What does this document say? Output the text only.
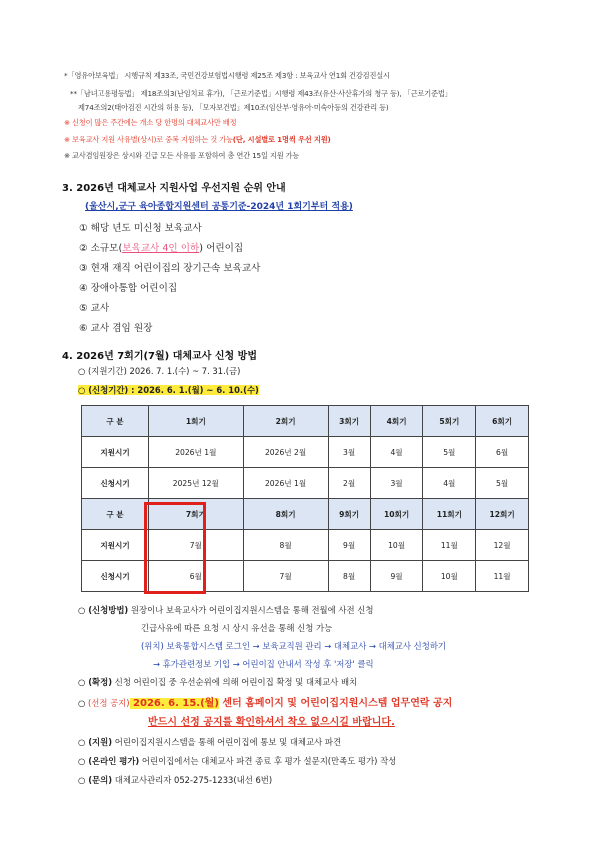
*「영유아보육법」 시행규칙 제33조, 국민건강보험법시행령 제25조 제3항 : 보육교사 연1회 건강검진실시
**「남녀고용평등법」 제18조의3(난임치료 휴가), 「근로기준법」시행령 제43조(유산·사산휴가의 청구 등), 「근로기준법」
제74조의2(태아검진 시간의 허용 등), 「모자보건법」제10조(임산부·영유아·미숙아등의 건강관리 등)
※ 신청이 많은 주간에는 개소 당 한명의 대체교사만 배정
※ 보육교사 지원 사유별(상시)로 중복 지원하는 것 가능(단, 시설별로 1명씩 우선 지원)
※ 교사겸임원장은 상시와 긴급 모든 사유를 포함하여 총 연간 15일 지원 가능
3. 2026년 대체교사 지원사업 우선지원 순위 안내
(울산시,군구 육아종합지원센터 공통기준-2024년 1회기부터 적용)
① 해당 년도 미신청 보육교사
② 소규모(보육교사 4인 이하) 어린이집
③ 현재 재직 어린이집의 장기근속 보육교사
④ 장애아통합 어린이집
⑤ 교사
⑥ 교사 겸임 원장
4. 2026년 7회기(7월) 대체교사 신청 방법
○ (지원기간) 2026. 7. 1.(수) ~ 7. 31.(금)
○ (신청기간) : 2026. 6. 1.(월) ~ 6. 10.(수)
구 분	1회기	2회기	3회기	4회기	5회기	6회기
지원시기	2026년 1월	2026년 2월	3월	4월	5월	6월
신청시기	2025년 12월	2026년 1월	2월	3월	4월	5월
구 분	7회기	8회기	9회기	10회기	11회기	12회기
지원시기	7월	8월	9월	10월	11월	12월
신청시기	6월	7월	8월	9월	10월	11월
○ (신청방법) 원장이나 보육교사가 어린이집지원시스템을 통해 전월에 사전 신청
긴급사유에 따른 요청 시 상시 유선을 통해 신청 가능
(위치) 보육통합시스템 로그인 → 보육교직원 관리 → 대체교사 → 대체교사 신청하기
→ 휴가관련정보 기입 → 어린이집 안내서 작성 후 '저장' 클릭
○ (확정) 신청 어린이집 중 우선순위에 의해 어린이집 확정 및 대체교사 배치
○ (선정 공지) 2026. 6. 15.(월) 센터 홈페이지 및 어린이집지원시스템 업무연락 공지
반드시 선정 공지를 확인하셔서 착오 없으시길 바랍니다.
○ (지원) 어린이집지원시스템을 통해 어린이집에 통보 및 대체교사 파견
○ (온라인 평가) 어린이집에서는 대체교사 파견 종료 후 평가 설문지(만족도 평가) 작성
○ (문의) 대체교사관리자 052-275-1233(내선 6번)
